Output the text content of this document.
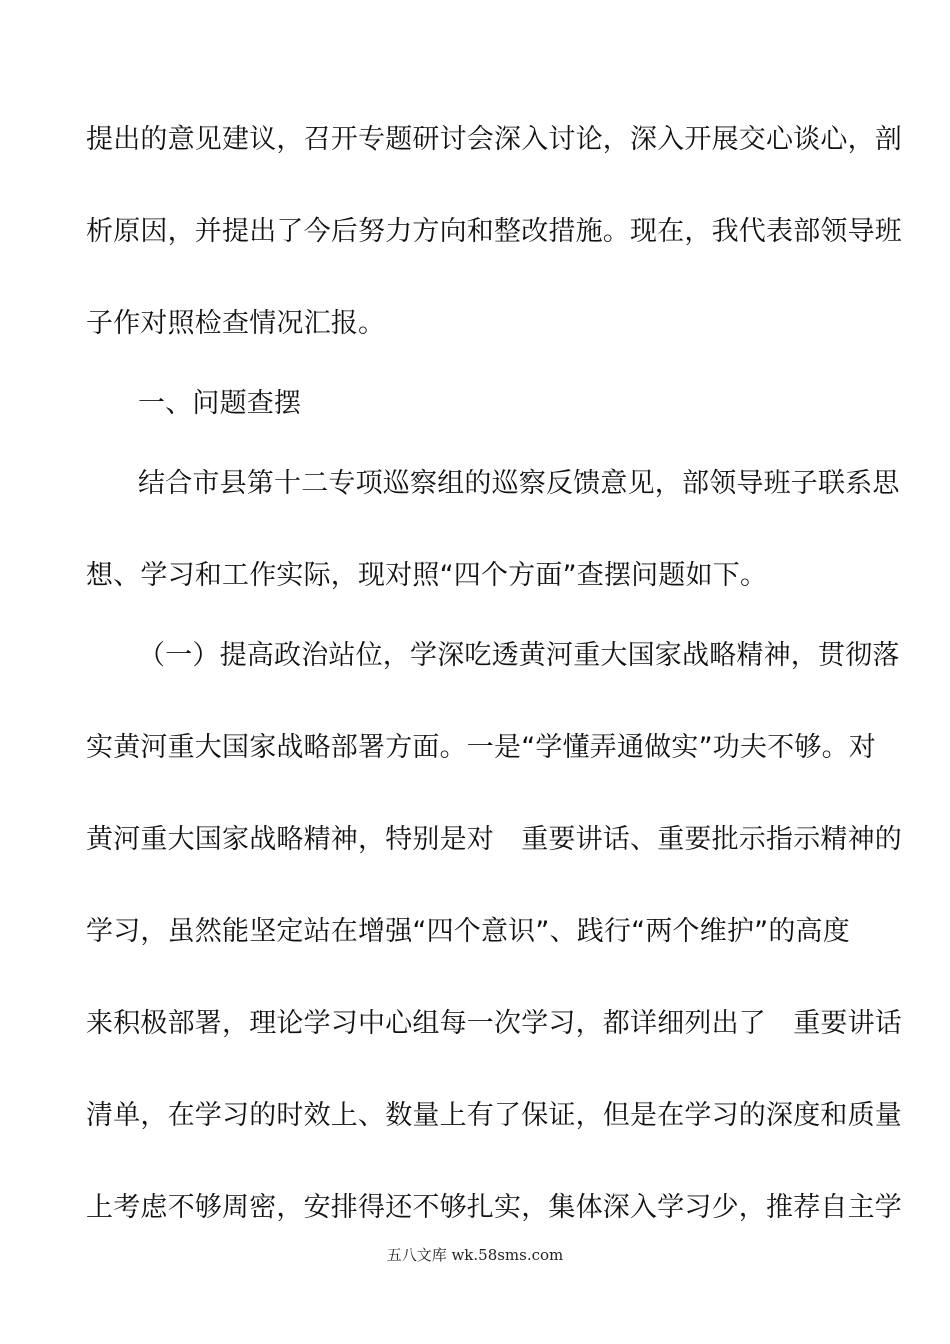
提出的意见建议，召开专题研讨会深入讨论，深入开展交心谈心，剖
析原因，并提出了今后努力方向和整改措施。现在，我代表部领导班
子作对照检查情况汇报。
一、问题查摆
结合市县第十二专项巡察组的巡察反馈意见，部领导班子联系思
想、学习和工作实际，现对照“四个方面”查摆问题如下。
（一）提高政治站位，学深吃透黄河重大国家战略精神，贯彻落
实黄河重大国家战略部署方面。一是“学懂弄通做实”功夫不够。对
黄河重大国家战略精神，特别是对　重要讲话、重要批示指示精神的
学习，虽然能坚定站在增强“四个意识”、践行“两个维护”的高度
来积极部署，理论学习中心组每一次学习，都详细列出了　重要讲话
清单，在学习的时效上、数量上有了保证，但是在学习的深度和质量
上考虑不够周密，安排得还不够扎实，集体深入学习少，推荐自主学
五八文库 wk.58sms.com
